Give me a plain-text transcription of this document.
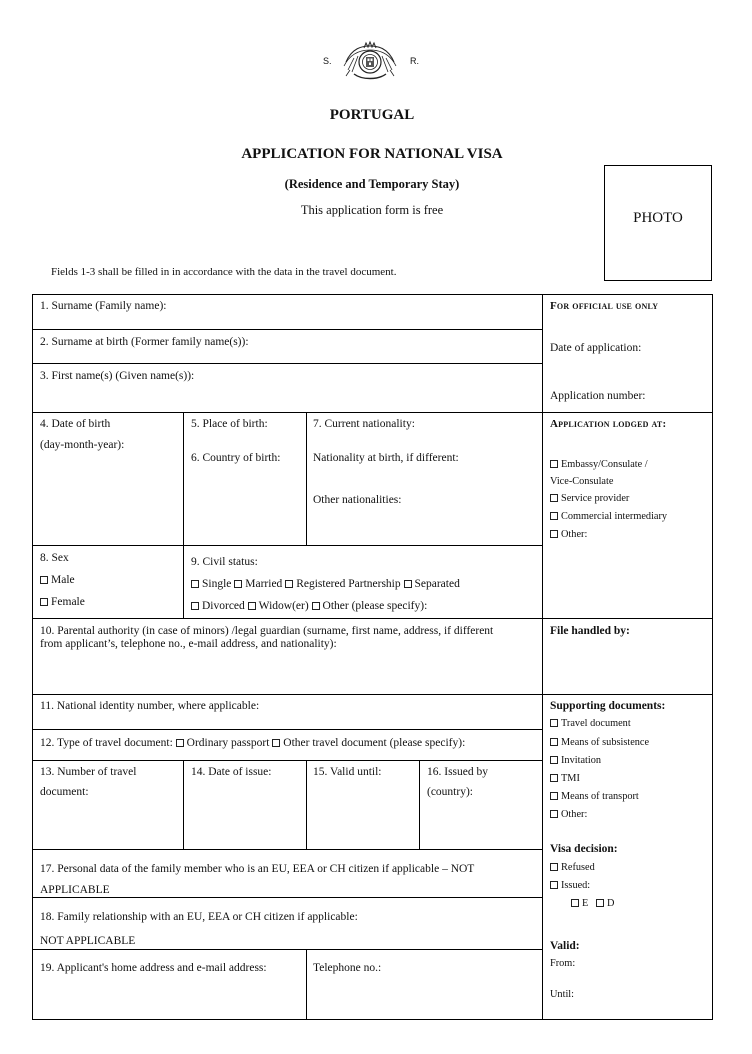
S.	R.
PORTUGAL
APPLICATION FOR NATIONAL VISA
(Residence and Temporary Stay)
This application form is free	PHOTO
Fields 1-3 shall be filled in in accordance with the data in the travel document.
1. Surname (Family name):
2. Surname at birth (Former family name(s)):
3. First name(s) (Given name(s)):
4. Date of birth
(day-month-year):
5. Place of birth:
6. Country of birth:
7. Current nationality:
Nationality at birth, if different:
Other nationalities:
8. Sex
Male
Female
9. Civil status:
Single Married Registered Partnership Separated
Divorced Widow(er) Other (please specify):
10. Parental authority (in case of minors) /legal guardian (surname, first name, address, if different
from applicant’s, telephone no., e-mail address, and nationality):
11. National identity number, where applicable:
12. Type of travel document: Ordinary passport Other travel document (please specify):
13. Number of travel
document:
14. Date of issue:	15. Valid until:	16. Issued by
(country):
17. Personal data of the family member who is an EU, EEA or CH citizen if applicable – NOT
APPLICABLE
18. Family relationship with an EU, EEA or CH citizen if applicable:
NOT APPLICABLE
19. Applicant's home address and e-mail address:	Telephone no.:
For official use only
Date of application:
Application number:
Application lodged at:
Embassy/Consulate /
Vice-Consulate
Service provider
Commercial intermediary
Other:
File handled by:
Supporting documents:
Travel document
Means of subsistence
Invitation
TMI
Means of transport
Other:
Visa decision:
Refused
Issued:
E D
Valid:
From:
Until:
